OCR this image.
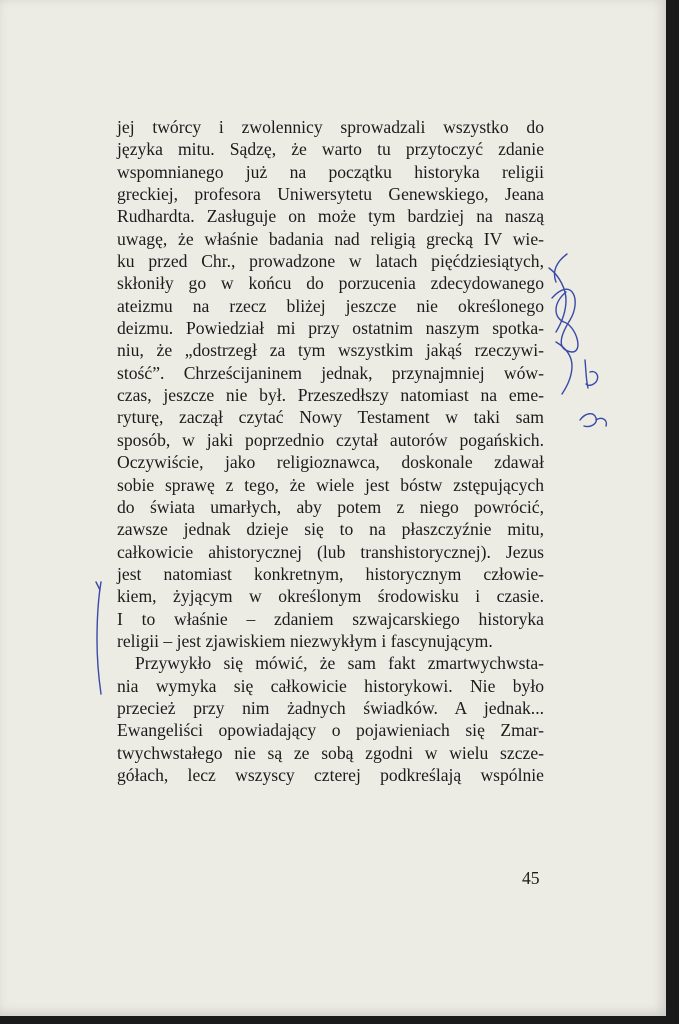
jej twórcy i zwolennicy sprowadzali wszystko do
języka mitu. Sądzę, że warto tu przytoczyć zdanie
wspomnianego już na początku historyka religii
greckiej, profesora Uniwersytetu Genewskiego, Jeana
Rudhardta. Zasługuje on może tym bardziej na naszą
uwagę, że właśnie badania nad religią grecką IV wie-
ku przed Chr., prowadzone w latach pięćdziesiątych,
skłoniły go w końcu do porzucenia zdecydowanego
ateizmu na rzecz bliżej jeszcze nie określonego
deizmu. Powiedział mi przy ostatnim naszym spotka-
niu, że „dostrzegł za tym wszystkim jakąś rzeczywi-
stość”. Chrześcijaninem jednak, przynajmniej wów-
czas, jeszcze nie był. Przeszedłszy natomiast na eme-
ryturę, zaczął czytać Nowy Testament w taki sam
sposób, w jaki poprzednio czytał autorów pogańskich.
Oczywiście, jako religioznawca, doskonale zdawał
sobie sprawę z tego, że wiele jest bóstw zstępujących
do świata umarłych, aby potem z niego powrócić,
zawsze jednak dzieje się to na płaszczyźnie mitu,
całkowicie ahistorycznej (lub transhistorycznej). Jezus
jest natomiast konkretnym, historycznym człowie-
kiem, żyjącym w określonym środowisku i czasie.
I to właśnie – zdaniem szwajcarskiego historyka
religii – jest zjawiskiem niezwykłym i fascynującym.
Przywykło się mówić, że sam fakt zmartwychwsta-
nia wymyka się całkowicie historykowi. Nie było
przecież przy nim żadnych świadków. A jednak...
Ewangeliści opowiadający o pojawieniach się Zmar-
twychwstałego nie są ze sobą zgodni w wielu szcze-
gółach, lecz wszyscy czterej podkreślają wspólnie
45
